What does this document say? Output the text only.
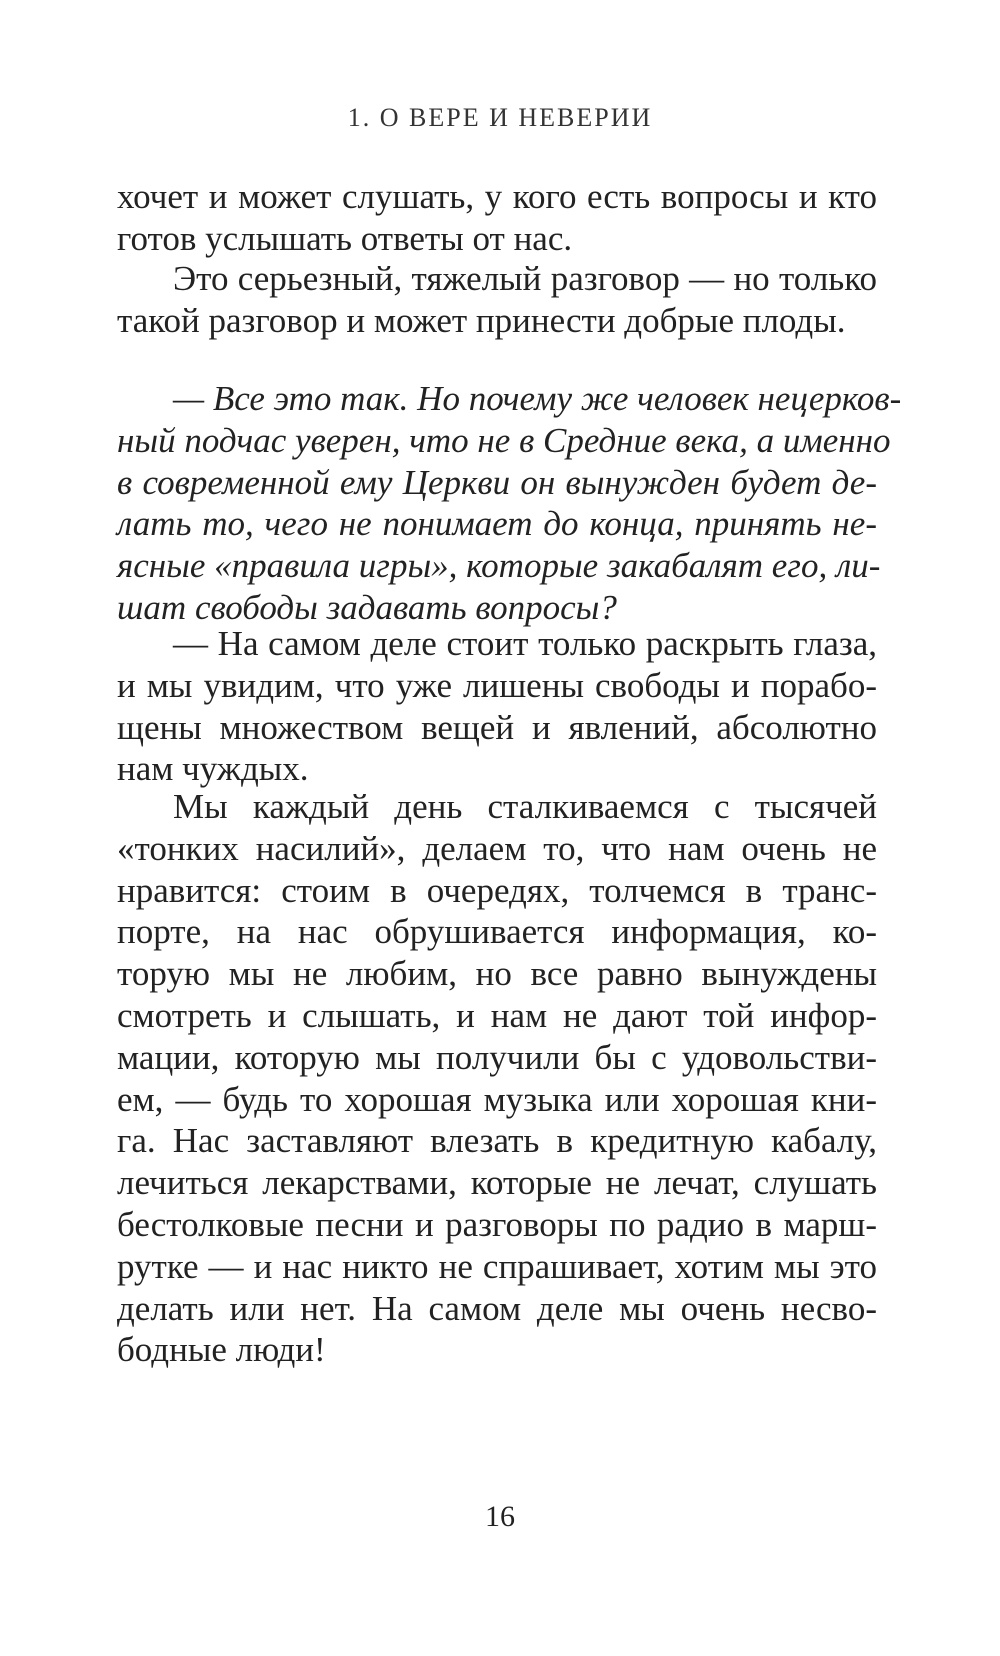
1. О ВЕРЕ И НЕВЕРИИ
хочет и может слушать, у кого есть вопросы и кто
готов услышать ответы от нас.
Это серьезный, тяжелый разговор — но только
такой разговор и может принести добрые плоды.
— Все это так. Но почему же человек нецерков-
ный подчас уверен, что не в Средние века, а именно
в современной ему Церкви он вынужден будет де-
лать то, чего не понимает до конца, принять не-
ясные «правила игры», которые закабалят его, ли-
шат свободы задавать вопросы?
— На самом деле стоит только раскрыть глаза,
и мы увидим, что уже лишены свободы и порабо-
щены множеством вещей и явлений, абсолютно
нам чуждых.
Мы каждый день сталкиваемся с тысячей
«тонких насилий», делаем то, что нам очень не
нравится: стоим в очередях, толчемся в транс-
порте, на нас обрушивается информация, ко-
торую мы не любим, но все равно вынуждены
смотреть и слышать, и нам не дают той инфор-
мации, которую мы получили бы с удовольстви-
ем, — будь то хорошая музыка или хорошая кни-
га. Нас заставляют влезать в кредитную кабалу,
лечиться лекарствами, которые не лечат, слушать
бестолковые песни и разговоры по радио в марш-
рутке — и нас никто не спрашивает, хотим мы это
делать или нет. На самом деле мы очень несво-
бодные люди!
16
